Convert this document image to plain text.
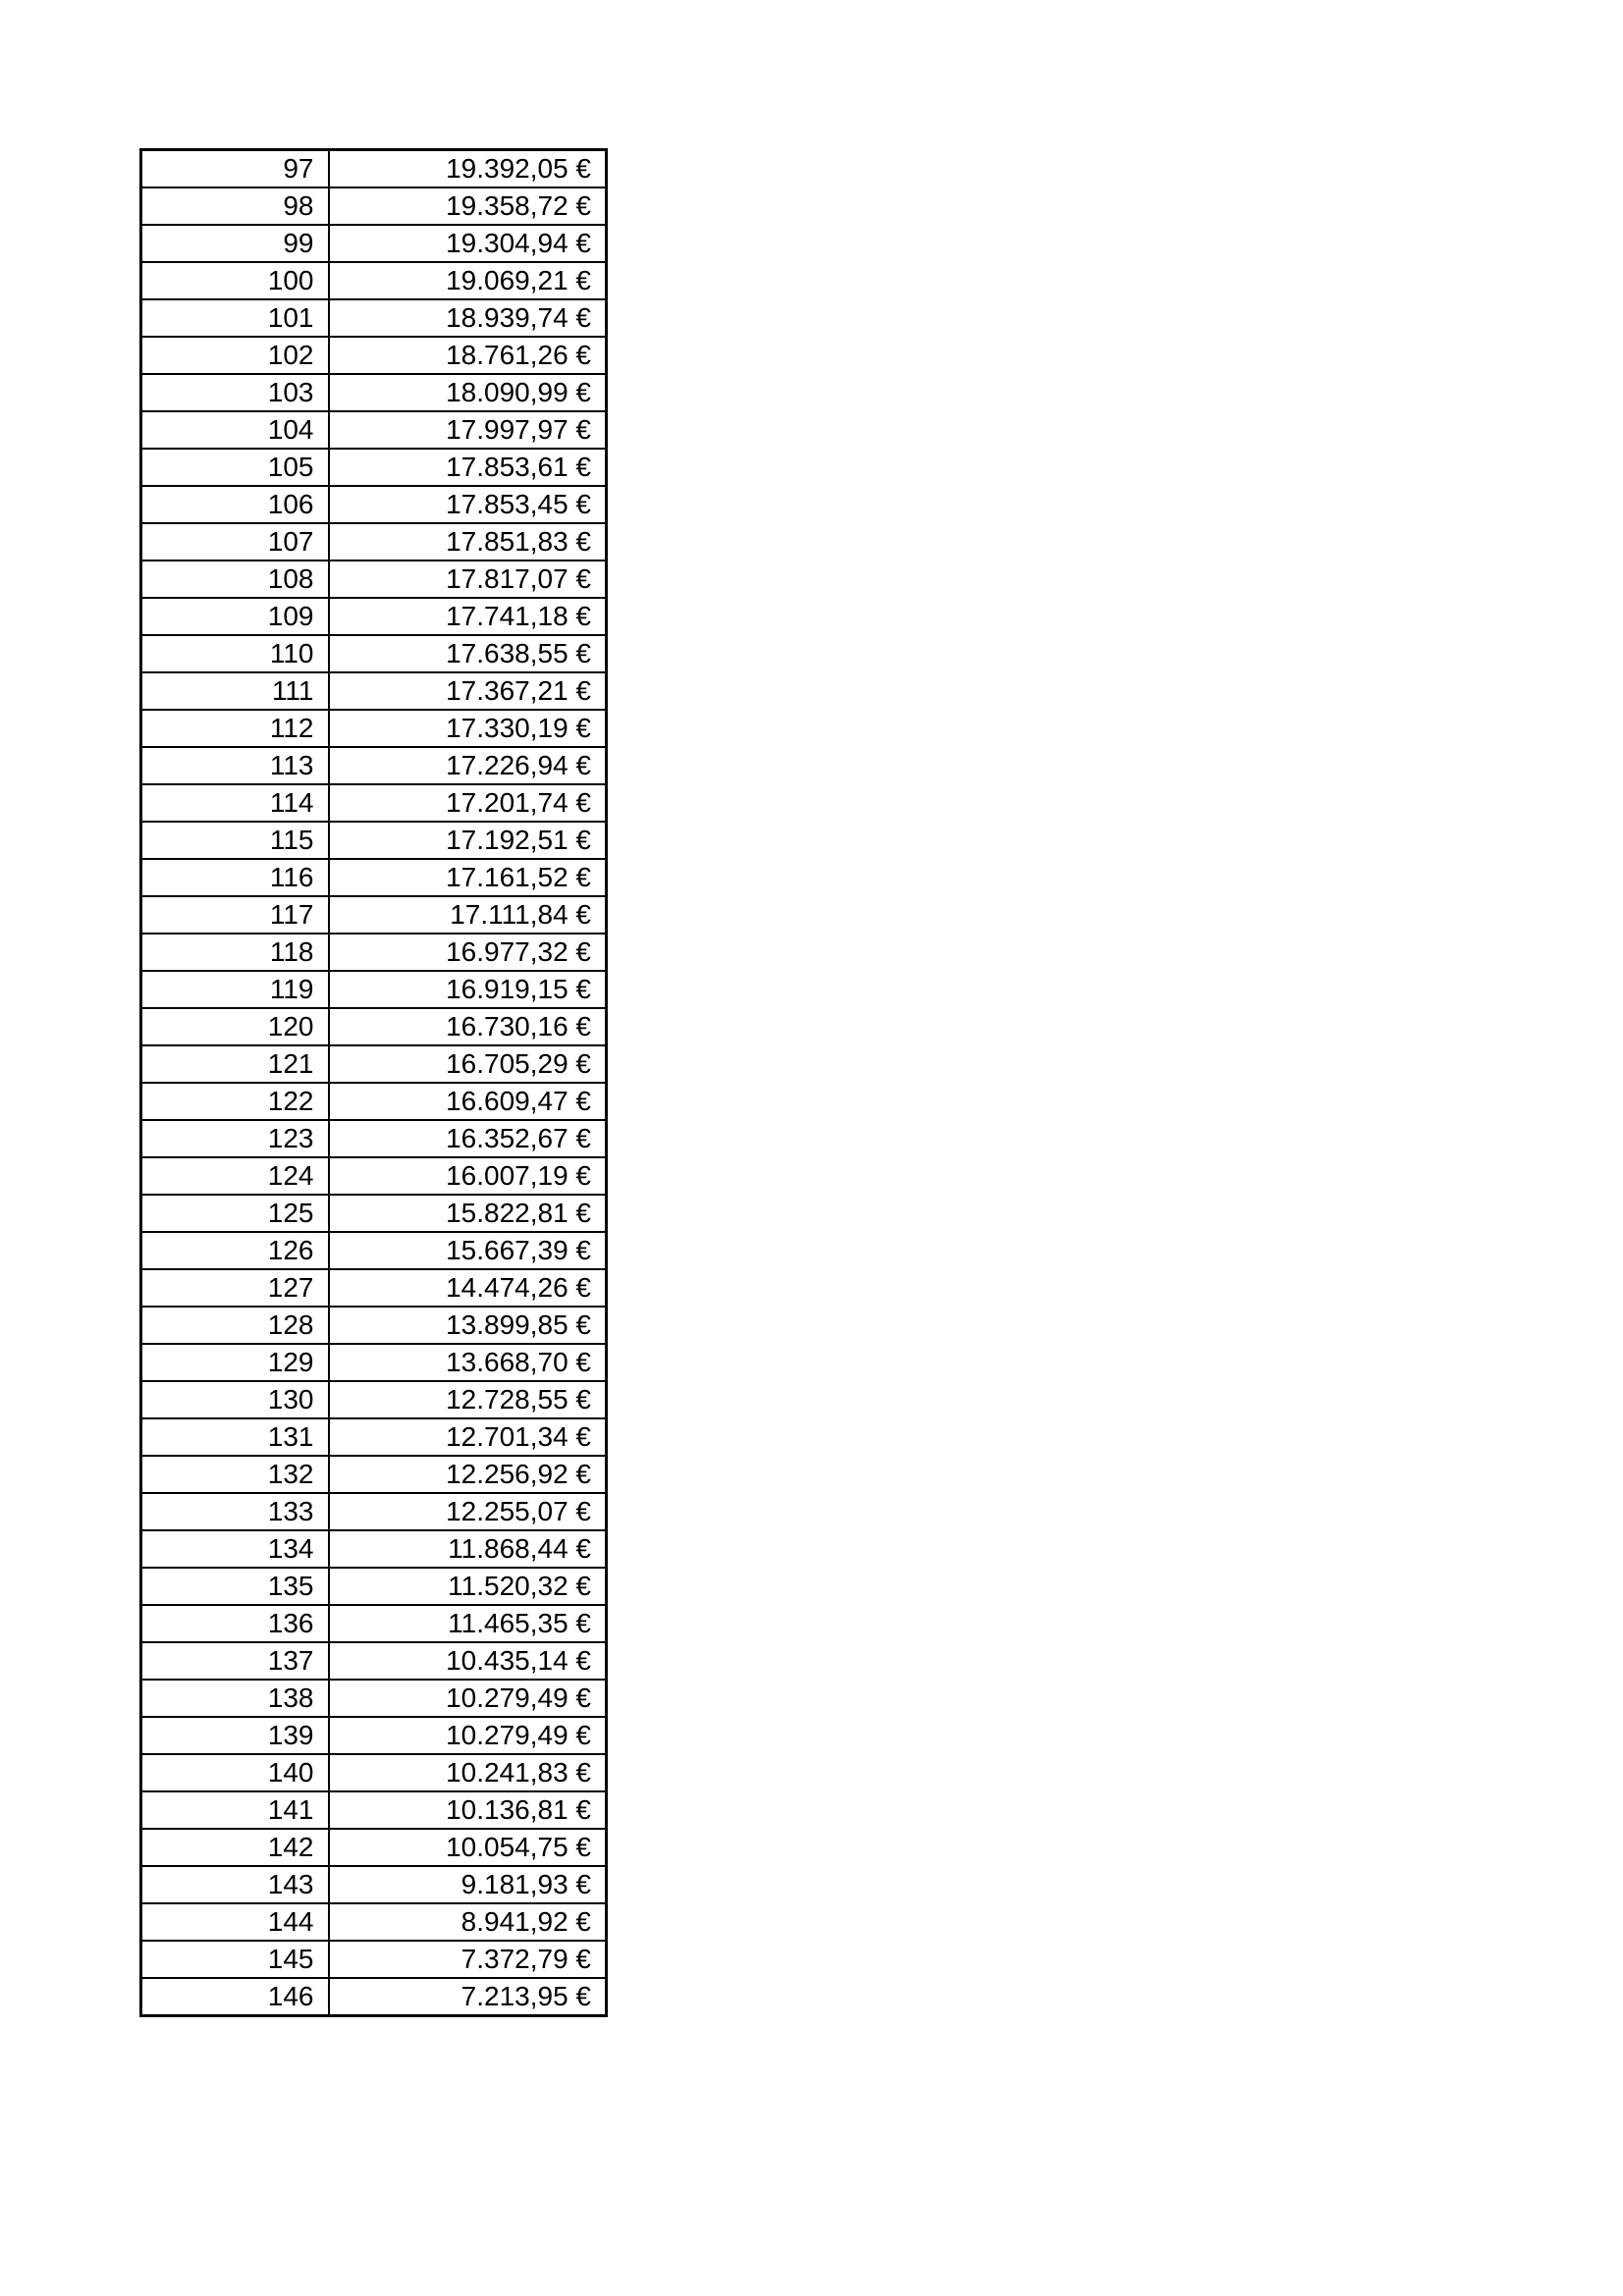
97	19.392,05 €
98	19.358,72 €
99	19.304,94 €
100	19.069,21 €
101	18.939,74 €
102	18.761,26 €
103	18.090,99 €
104	17.997,97 €
105	17.853,61 €
106	17.853,45 €
107	17.851,83 €
108	17.817,07 €
109	17.741,18 €
110	17.638,55 €
111	17.367,21 €
112	17.330,19 €
113	17.226,94 €
114	17.201,74 €
115	17.192,51 €
116	17.161,52 €
117	17.111,84 €
118	16.977,32 €
119	16.919,15 €
120	16.730,16 €
121	16.705,29 €
122	16.609,47 €
123	16.352,67 €
124	16.007,19 €
125	15.822,81 €
126	15.667,39 €
127	14.474,26 €
128	13.899,85 €
129	13.668,70 €
130	12.728,55 €
131	12.701,34 €
132	12.256,92 €
133	12.255,07 €
134	11.868,44 €
135	11.520,32 €
136	11.465,35 €
137	10.435,14 €
138	10.279,49 €
139	10.279,49 €
140	10.241,83 €
141	10.136,81 €
142	10.054,75 €
143	9.181,93 €
144	8.941,92 €
145	7.372,79 €
146	7.213,95 €
